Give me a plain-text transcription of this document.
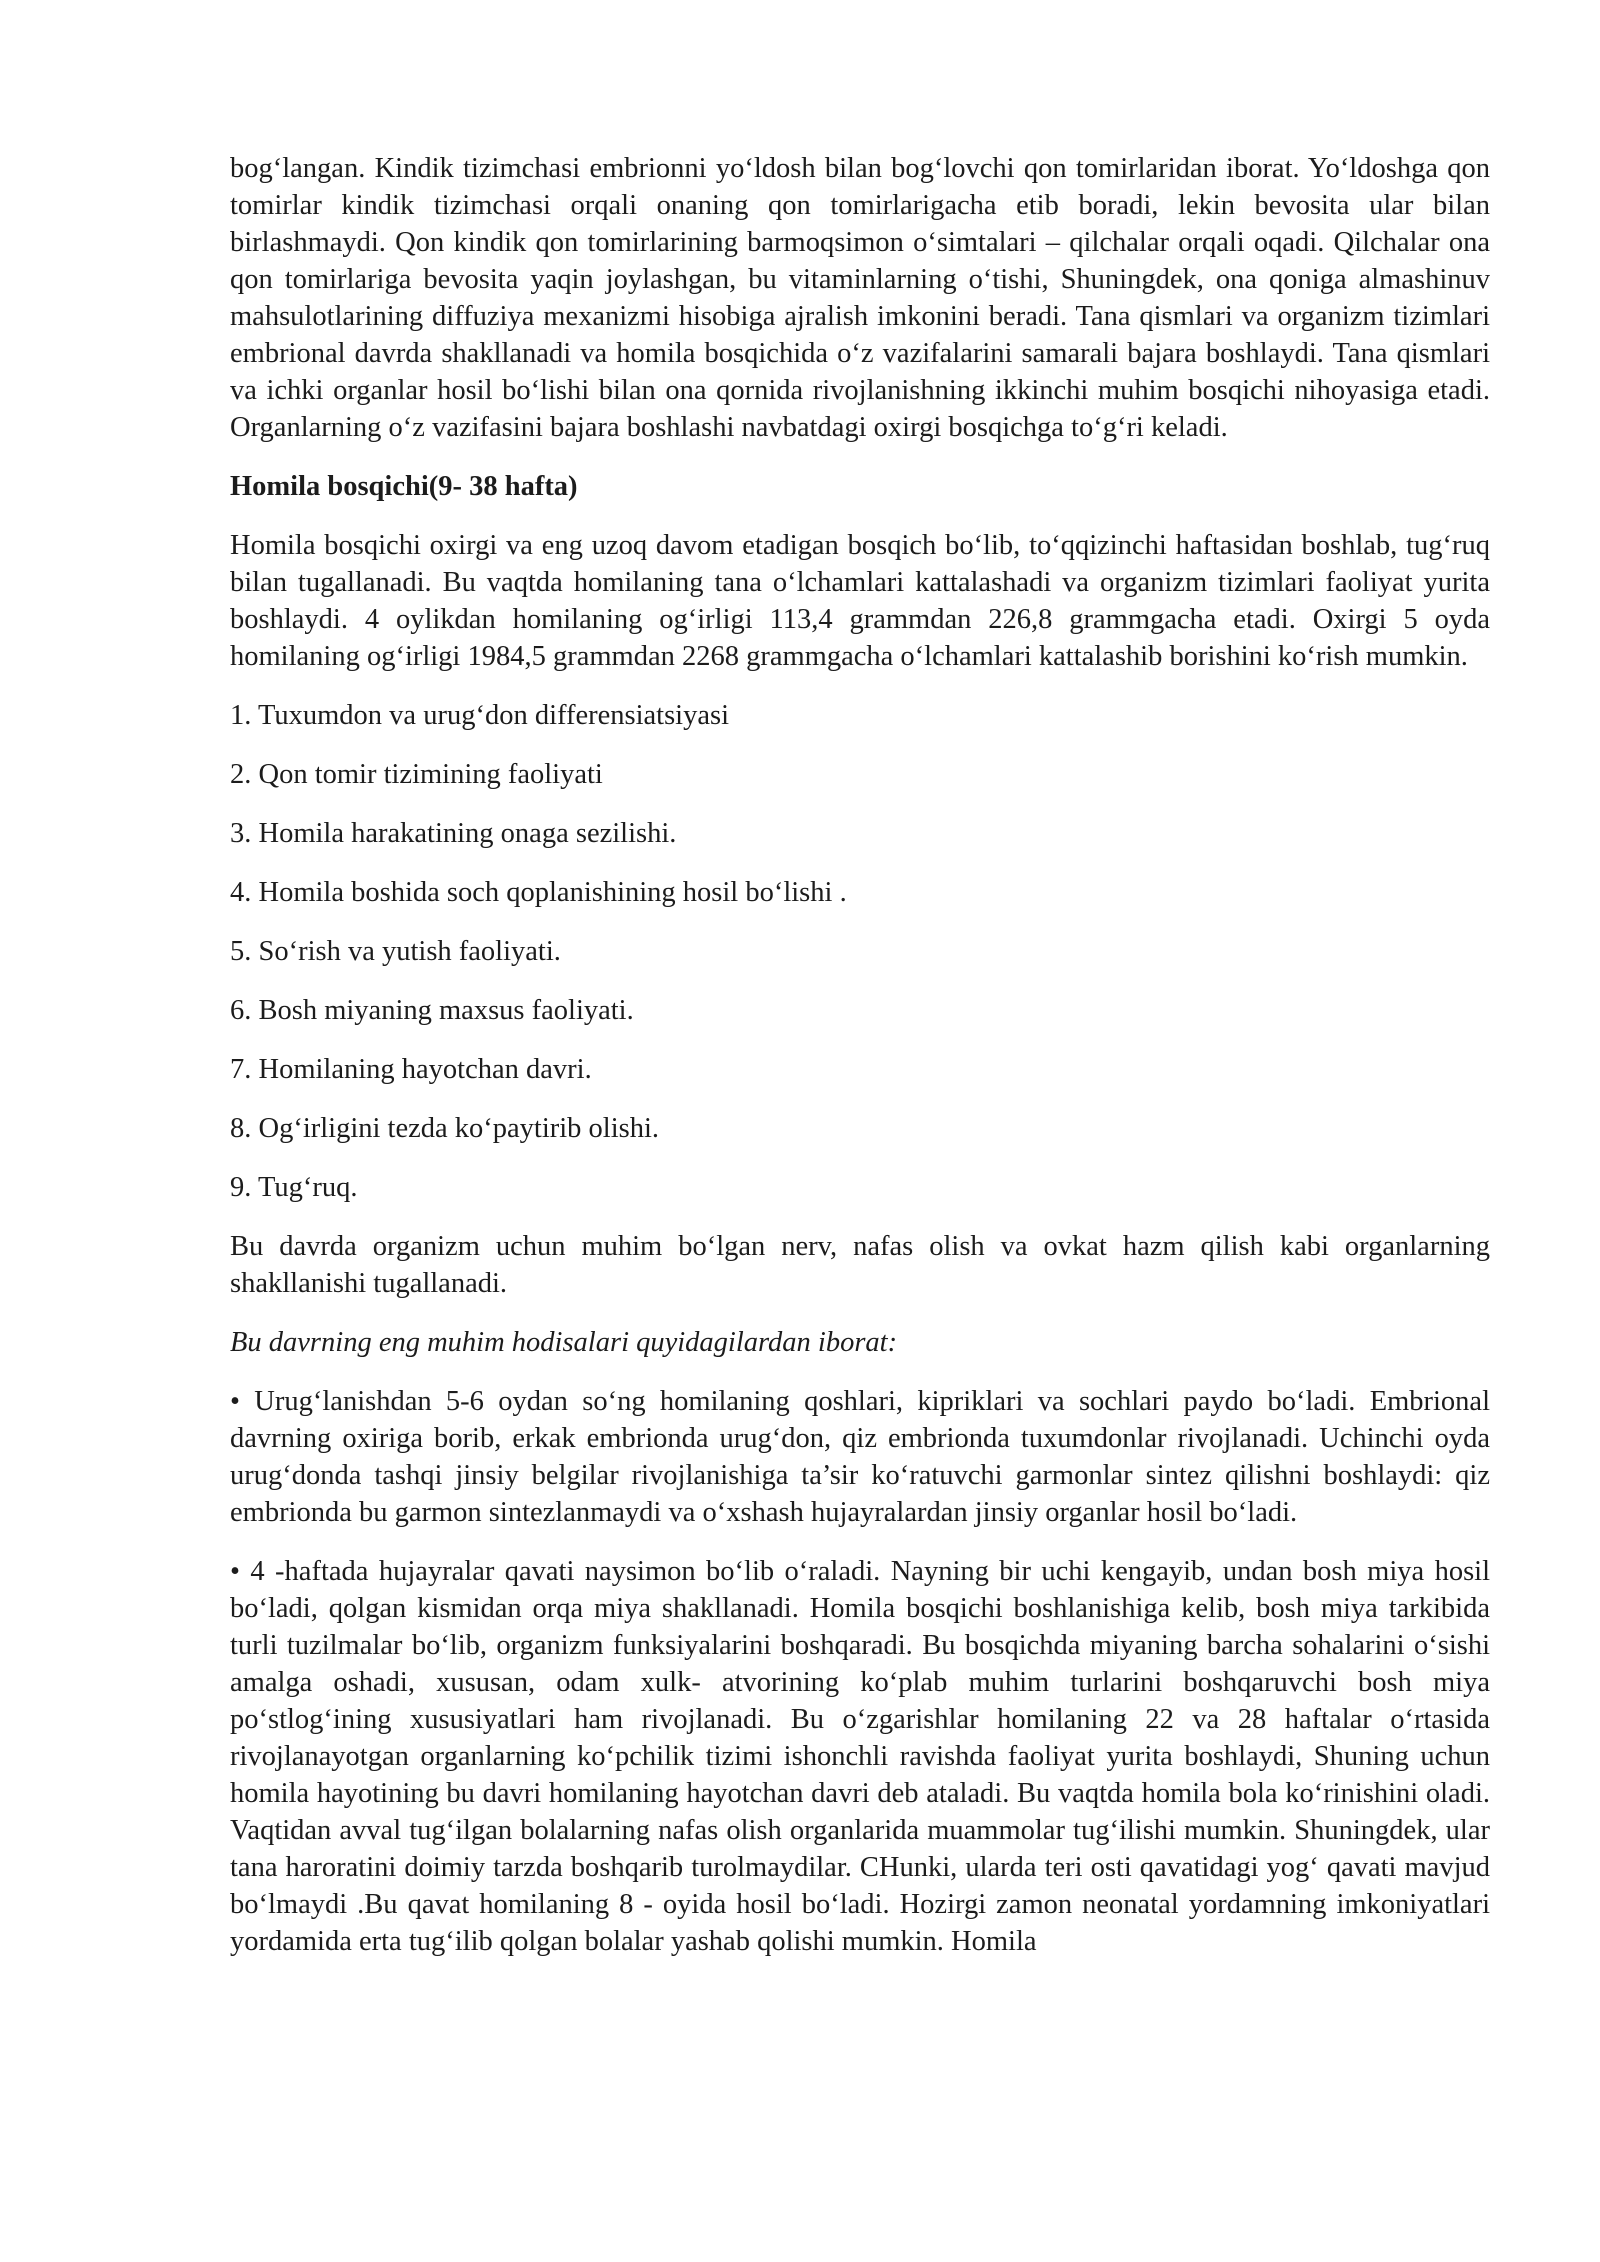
bog‘langan. Kindik tizimchasi embrionni yo‘ldosh bilan bog‘lovchi qon tomirlaridan iborat. Yo‘ldoshga qon tomirlar kindik tizimchasi orqali onaning qon tomirlarigacha etib boradi, lekin bevosita ular bilan birlashmaydi. Qon kindik qon tomirlarining barmoqsimon o‘simtalari – qilchalar orqali oqadi. Qilchalar ona qon tomirlariga bevosita yaqin joylashgan, bu vitaminlarning o‘tishi, Shuningdek, ona qoniga almashinuv mahsulotlarining diffuziya mexanizmi hisobiga ajralish imkonini beradi. Tana qismlari va organizm tizimlari embrional davrda shakllanadi va homila bosqichida o‘z vazifalarini samarali bajara boshlaydi. Tana qismlari va ichki organlar hosil bo‘lishi bilan ona qornida rivojlanishning ikkinchi muhim bosqichi nihoyasiga etadi. Organlarning o‘z vazifasini bajara boshlashi navbatdagi oxirgi bosqichga to‘g‘ri keladi.

Homila bosqichi(9- 38 hafta)

Homila bosqichi oxirgi va eng uzoq davom etadigan bosqich bo‘lib, to‘qqizinchi haftasidan boshlab, tug‘ruq bilan tugallanadi. Bu vaqtda homilaning tana o‘lchamlari kattalashadi va organizm tizimlari faoliyat yurita boshlaydi. 4 oylikdan homilaning og‘irligi 113,4 grammdan 226,8 grammgacha etadi. Oxirgi 5 oyda homilaning og‘irligi 1984,5 grammdan 2268 grammgacha o‘lchamlari kattalashib borishini ko‘rish mumkin.

1. Tuxumdon va urug‘don differensiatsiyasi
2. Qon tomir tizimining faoliyati
3. Homila harakatining onaga sezilishi.
4. Homila boshida soch qoplanishining hosil bo‘lishi .
5. So‘rish va yutish faoliyati.
6. Bosh miyaning maxsus faoliyati.
7. Homilaning hayotchan davri.
8. Og‘irligini tezda ko‘paytirib olishi.
9. Tug‘ruq.

Bu davrda organizm uchun muhim bo‘lgan nerv, nafas olish va ovkat hazm qilish kabi organlarning shakllanishi tugallanadi.

Bu davrning eng muhim hodisalari quyidagilardan iborat:

• Urug‘lanishdan 5-6 oydan so‘ng homilaning qoshlari, kipriklari va sochlari paydo bo‘ladi. Embrional davrning oxiriga borib, erkak embrionda urug‘don, qiz embrionda tuxumdonlar rivojlanadi. Uchinchi oyda urug‘donda tashqi jinsiy belgilar rivojlanishiga ta’sir ko‘ratuvchi garmonlar sintez qilishni boshlaydi: qiz embrionda bu garmon sintezlanmaydi va o‘xshash hujayralardan jinsiy organlar hosil bo‘ladi.

• 4 -haftada hujayralar qavati naysimon bo‘lib o‘raladi. Nayning bir uchi kengayib, undan bosh miya hosil bo‘ladi, qolgan kismidan orqa miya shakllanadi. Homila bosqichi boshlanishiga kelib, bosh miya tarkibida turli tuzilmalar bo‘lib, organizm funksiyalarini boshqaradi. Bu bosqichda miyaning barcha sohalarini o‘sishi amalga oshadi, xususan, odam xulk- atvorining ko‘plab muhim turlarini boshqaruvchi bosh miya po‘stlog‘ining xususiyatlari ham rivojlanadi. Bu o‘zgarishlar homilaning 22 va 28 haftalar o‘rtasida rivojlanayotgan organlarning ko‘pchilik tizimi ishonchli ravishda faoliyat yurita boshlaydi, Shuning uchun homila hayotining bu davri homilaning hayotchan davri deb ataladi. Bu vaqtda homila bola ko‘rinishini oladi. Vaqtidan avval tug‘ilgan bolalarning nafas olish organlarida muammolar tug‘ilishi mumkin. Shuningdek, ular tana haroratini doimiy tarzda boshqarib turolmaydilar. CHunki, ularda teri osti qavatidagi yog‘ qavati mavjud bo‘lmaydi .Bu qavat homilaning 8 - oyida hosil bo‘ladi. Hozirgi zamon neonatal yordamning imkoniyatlari yordamida erta tug‘ilib qolgan bolalar yashab qolishi mumkin. Homila
